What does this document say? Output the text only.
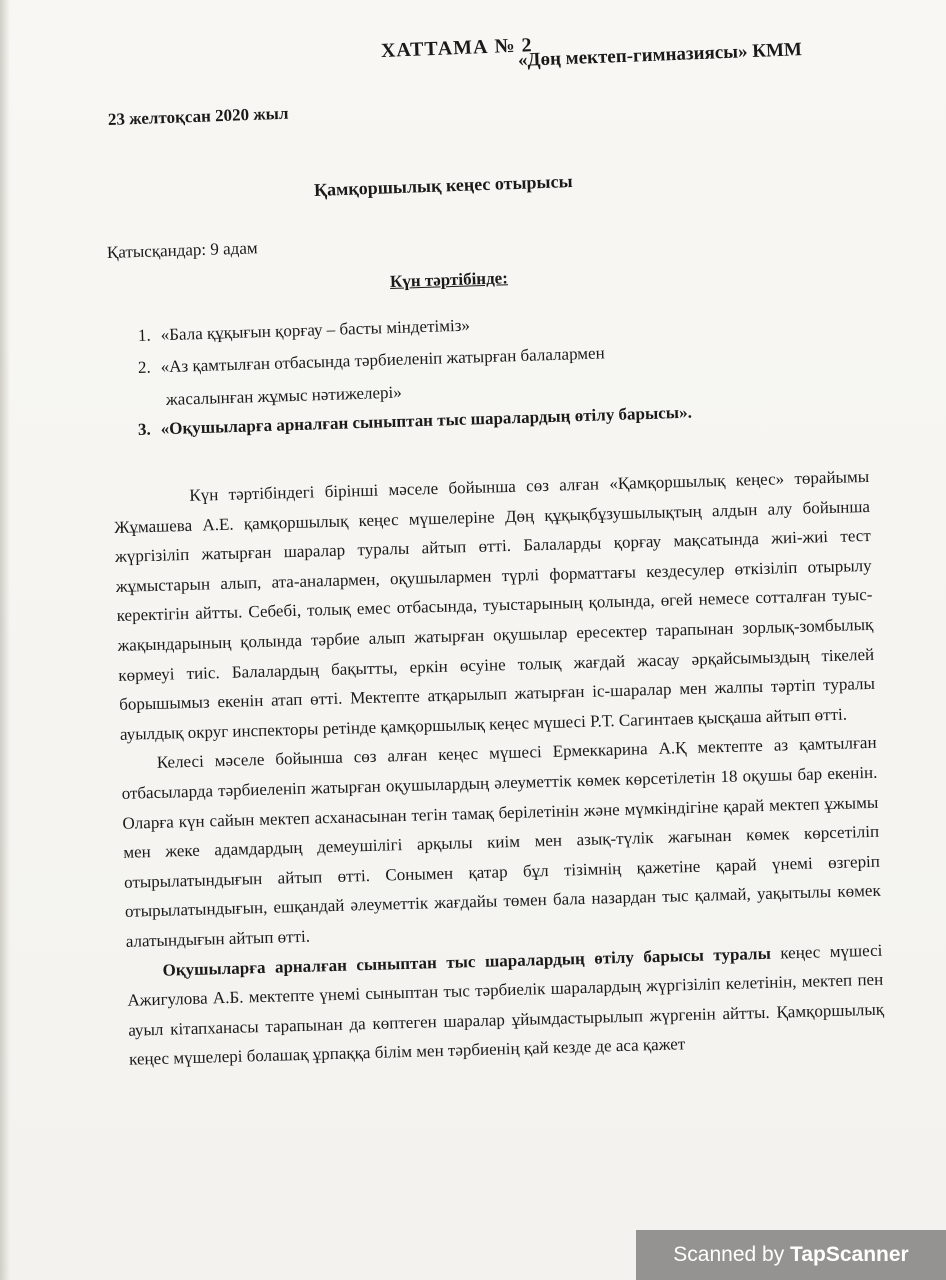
ХАТТАМА № 2
«Дөң мектеп-гимназиясы» КММ
23 желтоқсан 2020 жыл
Қамқоршылық кеңес отырысы
Қатысқандар: 9 адам
Күн тәртібінде:
1. «Бала құқығын қорғау – басты міндетіміз»
2. «Аз қамтылған отбасында тәрбиеленіп жатырған балалармен
жасалынған жұмыс нәтижелері»
3. «Оқушыларға арналған сыныптан тыс шаралардың өтілу барысы».

Күн тәртібіндегі бірінші мәселе бойынша сөз алған «Қамқоршылық кеңес» төрайымы Жұмашева А.Е. қамқоршылық кеңес мүшелеріне Дөң құқықбұзушылықтың алдын алу бойынша жүргізіліп жатырған шаралар туралы айтып өтті. Балаларды қорғау мақсатында жиі-жиі тест жұмыстарын алып, ата-аналармен, оқушылармен түрлі форматтағы кездесулер өткізіліп отырылу керектігін айтты. Себебі, толық емес отбасында, туыстарының қолында, өгей немесе сотталған туыс-жақындарының қолында тәрбие алып жатырған оқушылар ересектер тарапынан зорлық-зомбылық көрмеуі тиіс. Балалардың бақытты, еркін өсуіне толық жағдай жасау әрқайсымыздың тікелей борышымыз екенін атап өтті. Мектепте атқарылып жатырған іс-шаралар мен жалпы тәртіп туралы ауылдық округ инспекторы ретінде қамқоршылық кеңес мүшесі Р.Т. Сагинтаев қысқаша айтып өтті.

Келесі мәселе бойынша сөз алған кеңес мүшесі Ермеккарина А.Қ мектепте аз қамтылған отбасыларда тәрбиеленіп жатырған оқушылардың әлеуметтік көмек көрсетілетін 18 оқушы бар екенін. Оларға күн сайын мектеп асханасынан тегін тамақ берілетінін және мүмкіндігіне қарай мектеп ұжымы мен жеке адамдардың демеушілігі арқылы киім мен азық-түлік жағынан көмек көрсетіліп отырылатындығын айтып өтті. Сонымен қатар бұл тізімнің қажетіне қарай үнемі өзгеріп отырылатындығын, ешқандай әлеуметтік жағдайы төмен бала назардан тыс қалмай, уақытылы көмек алатындығын айтып өтті.

Оқушыларға арналған сыныптан тыс шаралардың өтілу барысы туралы кеңес мүшесі Ажигулова А.Б. мектепте үнемі сыныптан тыс тәрбиелік шаралардың жүргізіліп келетінін, мектеп пен ауыл кітапханасы тарапынан да көптеген шаралар ұйымдастырылып жүргенін айтты. Қамқоршылық кеңес мүшелері болашақ ұрпаққа білім мен тәрбиенің қай кезде де аса қажет

Scanned by TapScanner
